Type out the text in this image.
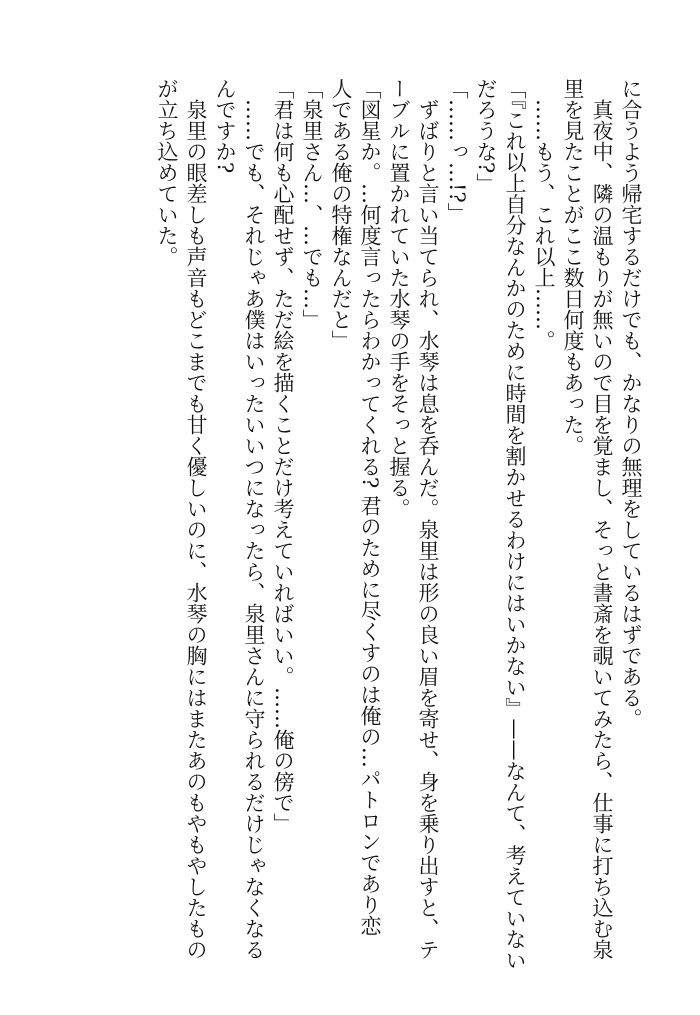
に合うよう帰宅するだけでも、かなりの無理をしているはずである。

　真夜中、隣の温もりが無いので目を覚まし、そっと書斎を覗いてみたら、仕事に打ち込む泉

里を見たことがここ数日何度もあった。

　……もう、これ以上……。

「『これ以上自分なんかのために時間を割かせるわけにはいかない』——なんて、考えていない

だろうな?」

「……っ…!?」

　ずばりと言い当てられ、水琴は息を呑んだ。泉里は形の良い眉を寄せ、身を乗り出すと、テ

ーブルに置かれていた水琴の手をそっと握る。

「図星か。…何度言ったらわかってくれる? 君のために尽くすのは俺の…パトロンであり恋

人である俺の特権なんだと」

「泉里さん…、…でも…」

「君は何も心配せず、ただ絵を描くことだけ考えていればいい。……俺の傍で」

　……でも、それじゃあ僕はいったいいつになったら、泉里さんに守られるだけじゃなくなる

んですか?

　泉里の眼差しも声音もどこまでも甘く優しいのに、水琴の胸にはまたあのもやもやしたもの

が立ち込めていた。
